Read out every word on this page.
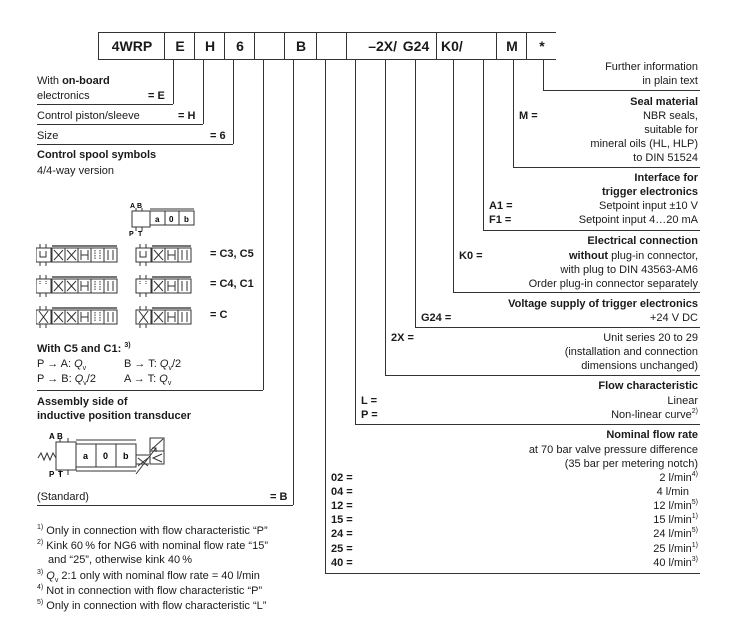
4WRP	E	H	6	B	–2X/ G24 K0/	M	*
With on-board
electronics	= E
Control piston/sleeve	= H
Size	= 6
Control spool symbols
4/4-way version
A B
a 0 b
P T
= C3, C5
= C4, C1
= C
With C5 and C1: $^{3)}$
P → A: $Q_v$	B → T: $Q_v/2$
P → B: $Q_v/2$	A → T: $Q_v$
Assembly side of
inductive position transducer
A B
a 0 b
P T
(Standard)	= B
$^{1)}$ Only in connection with flow characteristic “P”
$^{2)}$ Kink 60 % for NG6 with nominal flow rate “15”
and “25”, otherwise kink 40 %
$^{3)}$ $Q_v$ 2:1 only with nominal flow rate = 40 l/min
$^{4)}$ Not in connection with flow characteristic “P”
$^{5)}$ Only in connection with flow characteristic “L”
Further information
in plain text
Seal material
M =	NBR seals,
suitable for
mineral oils (HL, HLP)
to DIN 51524
Interface for
trigger electronics
A1 =	Setpoint input ±10 V
F1 =	Setpoint input 4…20 mA
Electrical connection
K0 =	without plug-in connector,
with plug to DIN 43563-AM6
Order plug-in connector separately
Voltage supply of trigger electronics
G24 =	+24 V DC
2X =	Unit series 20 to 29
(installation and connection
dimensions unchanged)
Flow characteristic
L =	Linear
P =	Non-linear curve$^{2)}$
Nominal flow rate
at 70 bar valve pressure difference
(35 bar per metering notch)
02 =	2 $l/\min^{4)}$
04 =	4 l/min
12 =	12 $l/\min^{5)}$
15 =	15 $l/\min^{1)}$
24 =	24 $l/\min^{5)}$
25 =	25 $l/\min^{1)}$
40 =	40 $l/\min^{3)}$
